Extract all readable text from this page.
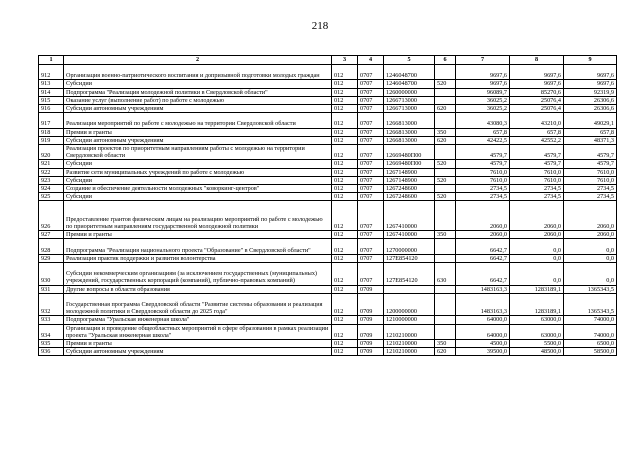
218
1	2	3	4	5	6	7	8	9
912	Организация военно-патриотического воспитания и допризывной подготовки молодых граждан	012	0707	1246048700		9697,6	9697,6	9697,6
913	Субсидии	012	0707	1246048700	520	9697,6	9697,6	9697,6
914	Подпрограмма "Реализация молодежной политики в Свердловской области"	012	0707	1260000000		96089,7	85270,6	92319,9
915	Оказание услуг (выполнение работ) по работе с молодежью	012	0707	1266713000		36025,2	25076,4	26306,6
916	Субсидии автономным учреждениям	012	0707	1266713000	620	36025,2	25076,4	26306,6
917	Реализация мероприятий по работе с молодежью на территории Свердловской области	012	0707	1266813000		43080,3	43210,0	49029,1
918	Премии и гранты	012	0707	1266813000	350	657,8	657,8	657,8
919	Субсидии автономным учреждениям	012	0707	1266813000	620	42422,5	42552,2	48371,3
920	Реализация проектов по приоритетным направлениям работы с молодежью на территории Свердловской области	012	0707	12669480П00		4579,7	4579,7	4579,7
921	Субсидии	012	0707	12669480П00	520	4579,7	4579,7	4579,7
922	Развитие сети муниципальных учреждений по работе с молодежью	012	0707	1267148900		7610,0	7610,0	7610,0
923	Субсидии	012	0707	1267148900	520	7610,0	7610,0	7610,0
924	Создание и обеспечение деятельности молодежных "коворкинг-центров"	012	0707	1267248600		2734,5	2734,5	2734,5
925	Субсидии	012	0707	1267248600	520	2734,5	2734,5	2734,5
926	Предоставление грантов физическим лицам на реализацию мероприятий по работе с молодежью по приоритетным направлениям государственной молодежной политики	012	0707	1267410000		2060,0	2060,0	2060,0
927	Премии и гранты	012	0707	1267410000	350	2060,0	2060,0	2060,0
928	Подпрограмма "Реализация национального проекта "Образование" в Свердловской области"	012	0707	1270000000		6642,7	0,0	0,0
929	Реализация практик поддержки и развития волонтерства	012	0707	127E854120		6642,7	0,0	0,0
930	Субсидии некоммерческим организациям (за исключением государственных (муниципальных) учреждений, государственных корпораций (компаний), публично-правовых компаний)	012	0707	127E854120	630	6642,7	0,0	0,0
931	Другие вопросы в области образования	012	0709			1483163,3	1283189,1	1365343,5
932	Государственная программа Свердловской области "Развитие системы образования и реализация молодежной политики в Свердловской области до 2025 года"	012	0709	1200000000		1483163,3	1283189,1	1365343,5
933	Подпрограмма "Уральская инженерная школа"	012	0709	1210000000		64000,0	63000,0	74000,0
934	Организация и проведение общеобластных мероприятий в сфере образования в рамках реализации проекта "Уральская инженерная школа"	012	0709	1210210000		64000,0	63000,0	74000,0
935	Премии и гранты	012	0709	1210210000	350	4500,0	5500,0	6500,0
936	Субсидии автономным учреждениям	012	0709	1210210000	620	39500,0	48500,0	58500,0
